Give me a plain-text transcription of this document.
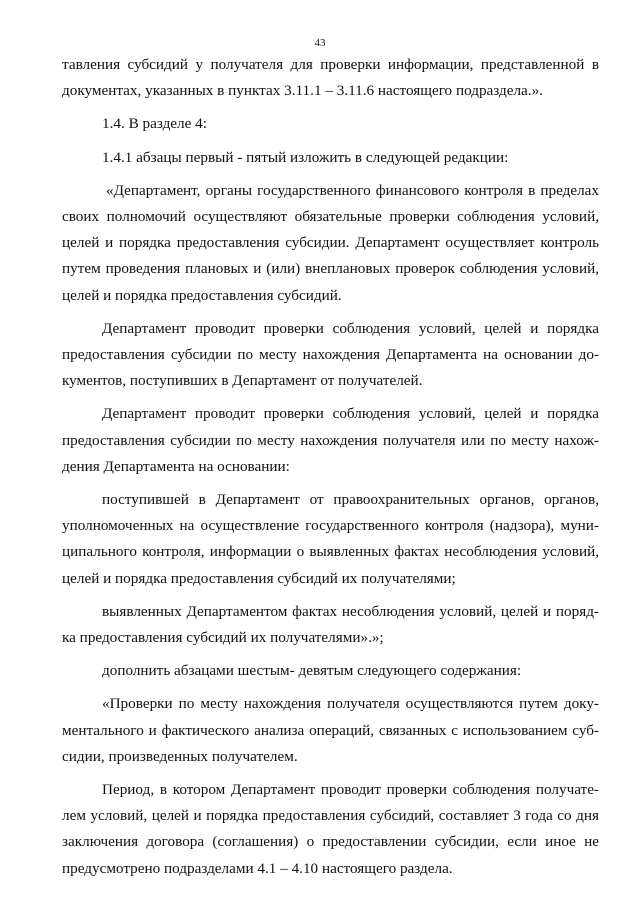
43
тавления субсидий у получателя для проверки информации, представленной в
документах, указанных в пунктах 3.11.1 – 3.11.6 настоящего подраздела.».
1.4. В разделе 4:
1.4.1 абзацы первый - пятый изложить в следующей редакции:
«Департамент, органы государственного финансового контроля в пределах
своих полномочий осуществляют обязательные проверки соблюдения условий,
целей и порядка предоставления субсидии. Департамент осуществляет контроль
путем проведения плановых и (или) внеплановых проверок соблюдения условий,
целей и порядка предоставления субсидий.
Департамент проводит проверки соблюдения условий, целей и порядка
предоставления субсидии по месту нахождения Департамента на основании до-
кументов, поступивших в Департамент от получателей.
Департамент проводит проверки соблюдения условий, целей и порядка
предоставления субсидии по месту нахождения получателя или по месту нахож-
дения Департамента на основании:
поступившей в Департамент от правоохранительных органов, органов,
уполномоченных на осуществление государственного контроля (надзора), муни-
ципального контроля, информации о выявленных фактах несоблюдения условий,
целей и порядка предоставления субсидий их получателями;
выявленных Департаментом фактах несоблюдения условий, целей и поряд-
ка предоставления субсидий их получателями».»;
дополнить абзацами шестым- девятым следующего содержания:
«Проверки по месту нахождения получателя осуществляются путем доку-
ментального и фактического анализа операций, связанных с использованием суб-
сидии, произведенных получателем.
Период, в котором Департамент проводит проверки соблюдения получате-
лем условий, целей и порядка предоставления субсидий, составляет 3 года со дня
заключения договора (соглашения) о предоставлении субсидии, если иное не
предусмотрено подразделами 4.1 – 4.10 настоящего раздела.
